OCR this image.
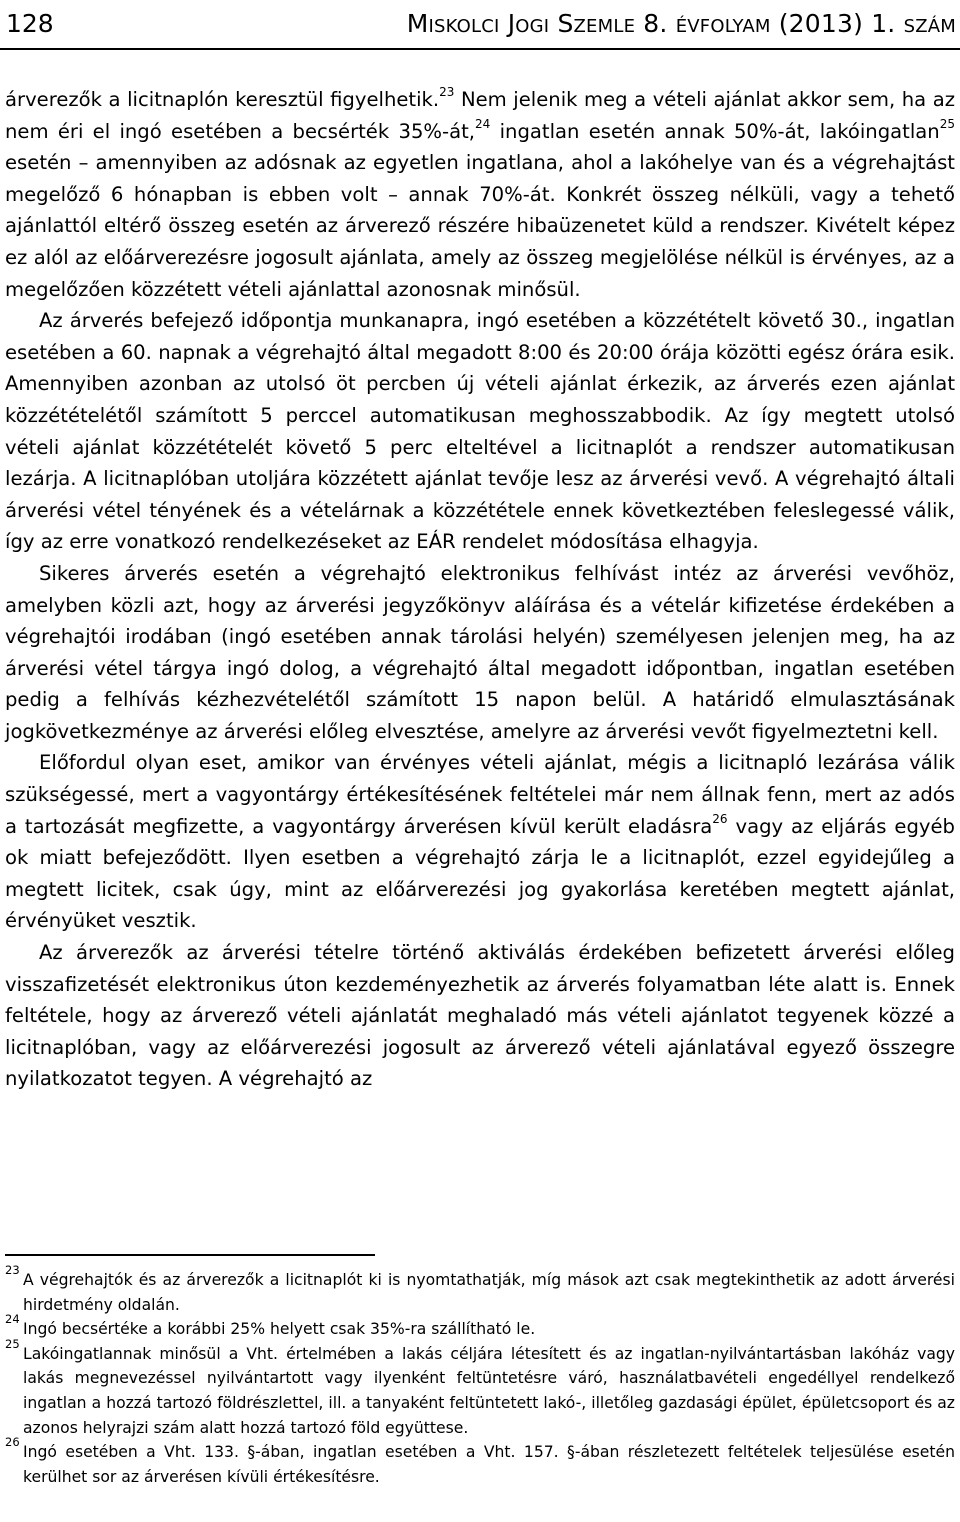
128	Miskolci Jogi Szemle 8. évfolyam (2013) 1. szám

árverezők a licitnaplón keresztül figyelhetik.$^{23}$ Nem jelenik meg a vételi ajánlat akkor sem, ha az nem éri el ingó esetében a becsérték 35%-át,$^{24}$ ingatlan esetén annak 50%-át, lakóingatlan$^{25}$ esetén – amennyiben az adósnak az egyetlen ingatlana, ahol a lakóhelye van és a végrehajtást megelőző 6 hónapban is ebben volt – annak 70%-át. Konkrét összeg nélküli, vagy a tehető ajánlattól eltérő összeg esetén az árverező részére hibaüzenetet küld a rendszer. Kivételt képez ez alól az előárverezésre jogosult ajánlata, amely az összeg megjelölése nélkül is érvényes, az a megelőzően közzétett vételi ajánlattal azonosnak minősül.

Az árverés befejező időpontja munkanapra, ingó esetében a közzétételt követő 30., ingatlan esetében a 60. napnak a végrehajtó által megadott 8:00 és 20:00 órája közötti egész órára esik. Amennyiben azonban az utolsó öt percben új vételi ajánlat érkezik, az árverés ezen ajánlat közzétételétől számított 5 perccel automatikusan meghosszabbodik. Az így megtett utolsó vételi ajánlat közzétételét követő 5 perc elteltével a licitnaplót a rendszer automatikusan lezárja. A licitnaplóban utoljára közzétett ajánlat tevője lesz az árverési vevő. A végrehajtó általi árverési vétel tényének és a vételárnak a közzététele ennek következtében feleslegessé válik, így az erre vonatkozó rendelkezéseket az EÁR rendelet módosítása elhagyja.

Sikeres árverés esetén a végrehajtó elektronikus felhívást intéz az árverési vevőhöz, amelyben közli azt, hogy az árverési jegyzőkönyv aláírása és a vételár kifizetése érdekében a végrehajtói irodában (ingó esetében annak tárolási helyén) személyesen jelenjen meg, ha az árverési vétel tárgya ingó dolog, a végrehajtó által megadott időpontban, ingatlan esetében pedig a felhívás kézhezvételétől számított 15 napon belül. A határidő elmulasztásának jogkövetkezménye az árverési előleg elvesztése, amelyre az árverési vevőt figyelmeztetni kell.

Előfordul olyan eset, amikor van érvényes vételi ajánlat, mégis a licitnapló lezárása válik szükségessé, mert a vagyontárgy értékesítésének feltételei már nem állnak fenn, mert az adós a tartozását megfizette, a vagyontárgy árverésen kívül került eladásra$^{26}$ vagy az eljárás egyéb ok miatt befejeződött. Ilyen esetben a végrehajtó zárja le a licitnaplót, ezzel egyidejűleg a megtett licitek, csak úgy, mint az előárverezési jog gyakorlása keretében megtett ajánlat, érvényüket vesztik.

Az árverezők az árverési tételre történő aktiválás érdekében befizetett árverési előleg visszafizetését elektronikus úton kezdeményezhetik az árverés folyamatban léte alatt is. Ennek feltétele, hogy az árverező vételi ajánlatát meghaladó más vételi ajánlatot tegyenek közzé a licitnaplóban, vagy az előárverezési jogosult az árverező vételi ajánlatával egyező összegre nyilatkozatot tegyen. A végrehajtó az

23
A végrehajtók és az árverezők a licitnaplót ki is nyomtathatják, míg mások azt csak megtekinthetik az adott árverési hirdetmény oldalán.

24
Ingó becsértéke a korábbi 25% helyett csak 35%-ra szállítható le.

25
Lakóingatlannak minősül a Vht. értelmében a lakás céljára létesített és az ingatlan-nyilvántartásban lakóház vagy lakás megnevezéssel nyilvántartott vagy ilyenként feltüntetésre váró, használatbavételi engedéllyel rendelkező ingatlan a hozzá tartozó földrészlettel, ill. a tanyaként feltüntetett lakó-, illetőleg gazdasági épület, épületcsoport és az azonos helyrajzi szám alatt hozzá tartozó föld együttese.

26
Ingó esetében a Vht. 133. §-ában, ingatlan esetében a Vht. 157. §-ában részletezett feltételek teljesülése esetén kerülhet sor az árverésen kívüli értékesítésre.
